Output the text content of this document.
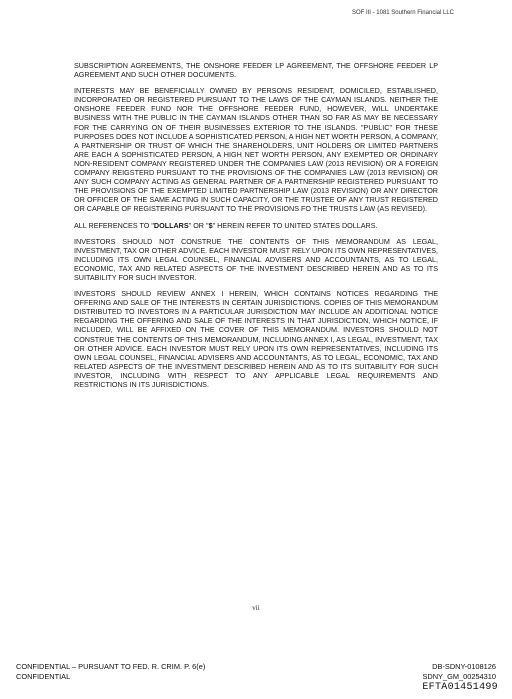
SOF III - 1081 Southern Financial LLC

SUBSCRIPTION AGREEMENTS, THE ONSHORE FEEDER LP AGREEMENT, THE OFFSHORE FEEDER LP AGREEMENT AND SUCH OTHER DOCUMENTS.

INTERESTS MAY BE BENEFICIALLY OWNED BY PERSONS RESIDENT, DOMICILED, ESTABLISHED, INCORPORATED OR REGISTERED PURSUANT TO THE LAWS OF THE CAYMAN ISLANDS. NEITHER THE ONSHORE FEEDER FUND NOR THE OFFSHORE FEEDER FUND, HOWEVER, WILL UNDERTAKE BUSINESS WITH THE PUBLIC IN THE CAYMAN ISLANDS OTHER THAN SO FAR AS MAY BE NECESSARY FOR THE CARRYING ON OF THEIR BUSINESSES EXTERIOR TO THE ISLANDS. "PUBLIC" FOR THESE PURPOSES DOES NOT INCLUDE A SOPHISTICATED PERSON, A HIGH NET WORTH PERSON, A COMPANY, A PARTNERSHIP OR TRUST OF WHICH THE SHAREHOLDERS, UNIT HOLDERS OR LIMITED PARTNERS ARE EACH A SOPHISTICATED PERSON, A HIGH NET WORTH PERSON, ANY EXEMPTED OR ORDINARY NON-RESIDENT COMPANY REGISTERED UNDER THE COMPANIES LAW (2013 REVISION) OR A FOREIGN COMPANY REIGSTERD PURSUANT TO THE PROVISIONS OF THE COMPANIES LAW (2013 REVISION) OR ANY SUCH COMPANY ACTING AS GENERAL PARTNER OF A PARTNERSHIP REGISTERED PURSUANT TO THE PROVISIONS OF THE EXEMPTED LIMITED PARTNERSHIP LAW (2013 REVISION) OR ANY DIRECTOR OR OFFICER OF THE SAME ACTING IN SUCH CAPACITY, OR THE TRUSTEE OF ANY TRUST REGISTERED OR CAPABLE OF REGISTERING PURSUANT TO THE PROVISIONS FO THE TRUSTS LAW (AS REVISED).

ALL REFERENCES TO "DOLLARS" OR "$" HEREIN REFER TO UNITED STATES DOLLARS.

INVESTORS SHOULD NOT CONSTRUE THE CONTENTS OF THIS MEMORANDUM AS LEGAL, INVESTMENT, TAX OR OTHER ADVICE. EACH INVESTOR MUST RELY UPON ITS OWN REPRESENTATIVES, INCLUDING ITS OWN LEGAL COUNSEL, FINANCIAL ADVISERS AND ACCOUNTANTS, AS TO LEGAL, ECONOMIC, TAX AND RELATED ASPECTS OF THE INVESTMENT DESCRIBED HEREIN AND AS TO ITS SUITABILITY FOR SUCH INVESTOR.

INVESTORS SHOULD REVIEW ANNEX I HEREIN, WHICH CONTAINS NOTICES REGARDING THE OFFERING AND SALE OF THE INTERESTS IN CERTAIN JURISDICTIONS. COPIES OF THIS MEMORANDUM DISTRIBUTED TO INVESTORS IN A PARTICULAR JURISDICTION MAY INCLUDE AN ADDITIONAL NOTICE REGARDING THE OFFERING AND SALE OF THE INTERESTS IN THAT JURISDICTION, WHICH NOTICE, IF INCLUDED, WILL BE AFFIXED ON THE COVER OF THIS MEMORANDUM. INVESTORS SHOULD NOT CONSTRUE THE CONTENTS OF THIS MEMORANDUM, INCLUDING ANNEX I, AS LEGAL, INVESTMENT, TAX OR OTHER ADVICE. EACH INVESTOR MUST RELY UPON ITS OWN REPRESENTATIVES, INCLUDING ITS OWN LEGAL COUNSEL, FINANCIAL ADVISERS AND ACCOUNTANTS, AS TO LEGAL, ECONOMIC, TAX AND RELATED ASPECTS OF THE INVESTMENT DESCRIBED HEREIN AND AS TO ITS SUITABILITY FOR SUCH INVESTOR, INCLUDING WITH RESPECT TO ANY APPLICABLE LEGAL REQUIREMENTS AND RESTRICTIONS IN ITS JURISDICTIONS.

vii
CONFIDENTIAL – PURSUANT TO FED. R. CRIM. P. 6(e)
CONFIDENTIAL
DB-SDNY-0108126
SDNY_GM_00254310
EFTA01451499
